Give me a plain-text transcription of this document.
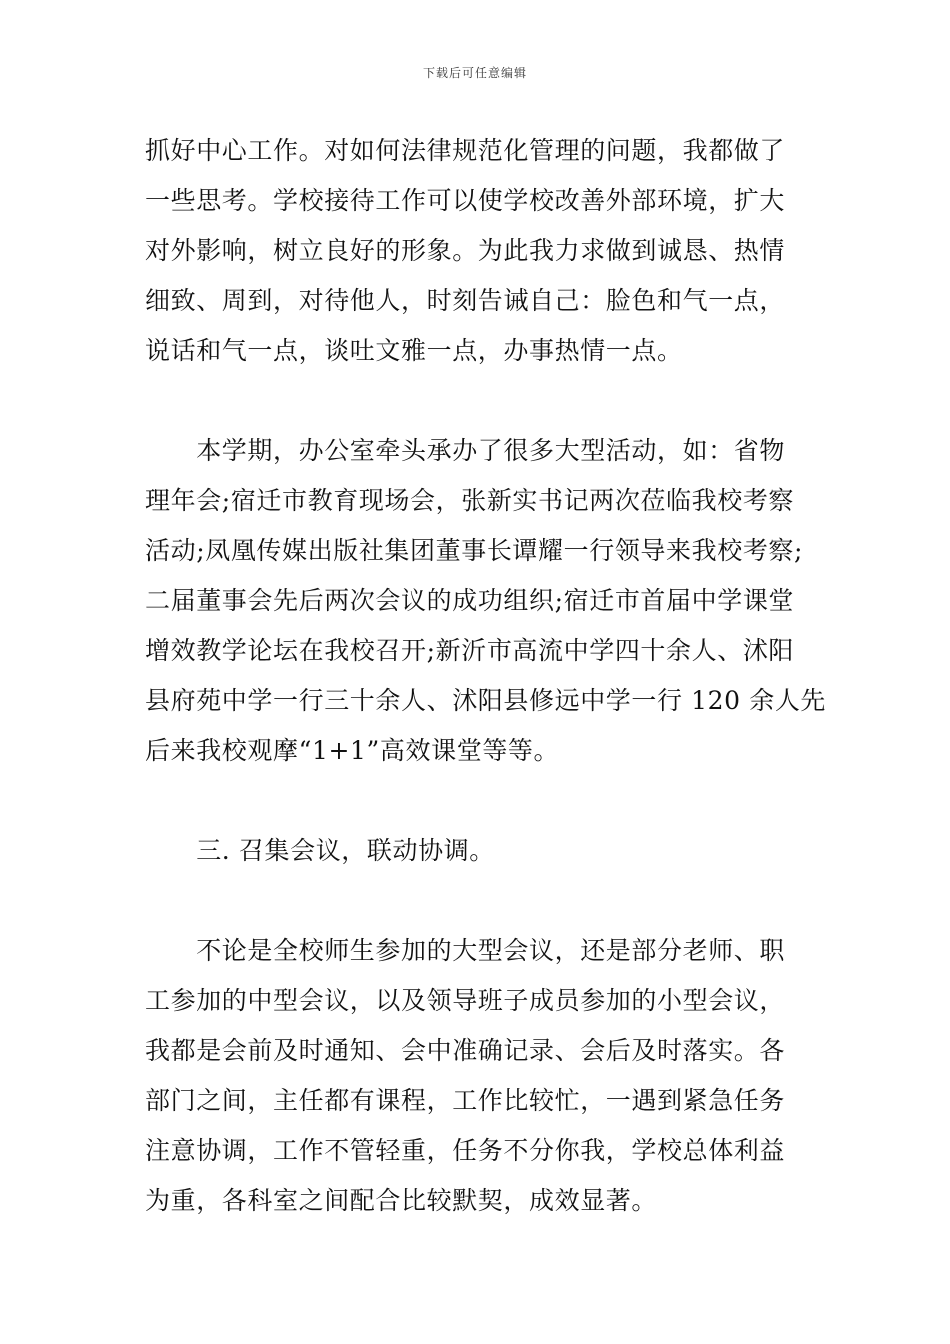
下载后可任意编辑
抓好中心工作。对如何法律规范化管理的问题，我都做了
一些思考。学校接待工作可以使学校改善外部环境，扩大
对外影响，树立良好的形象。为此我力求做到诚恳、热情
细致、周到，对待他人，时刻告诫自己：脸色和气一点，
说话和气一点，谈吐文雅一点，办事热情一点。
　　本学期，办公室牵头承办了很多大型活动，如：省物
理年会;宿迁市教育现场会，张新实书记两次莅临我校考察
活动;凤凰传媒出版社集团董事长谭耀一行领导来我校考察;
二届董事会先后两次会议的成功组织;宿迁市首届中学课堂
增效教学论坛在我校召开;新沂市高流中学四十余人、沭阳
县府苑中学一行三十余人、沭阳县修远中学一行 120 余人先
后来我校观摩“1+1”高效课堂等等。
　　三. 召集会议，联动协调。
　　不论是全校师生参加的大型会议，还是部分老师、职
工参加的中型会议，以及领导班子成员参加的小型会议，
我都是会前及时通知、会中准确记录、会后及时落实。各
部门之间，主任都有课程，工作比较忙，一遇到紧急任务
注意协调，工作不管轻重，任务不分你我，学校总体利益
为重，各科室之间配合比较默契，成效显著。
